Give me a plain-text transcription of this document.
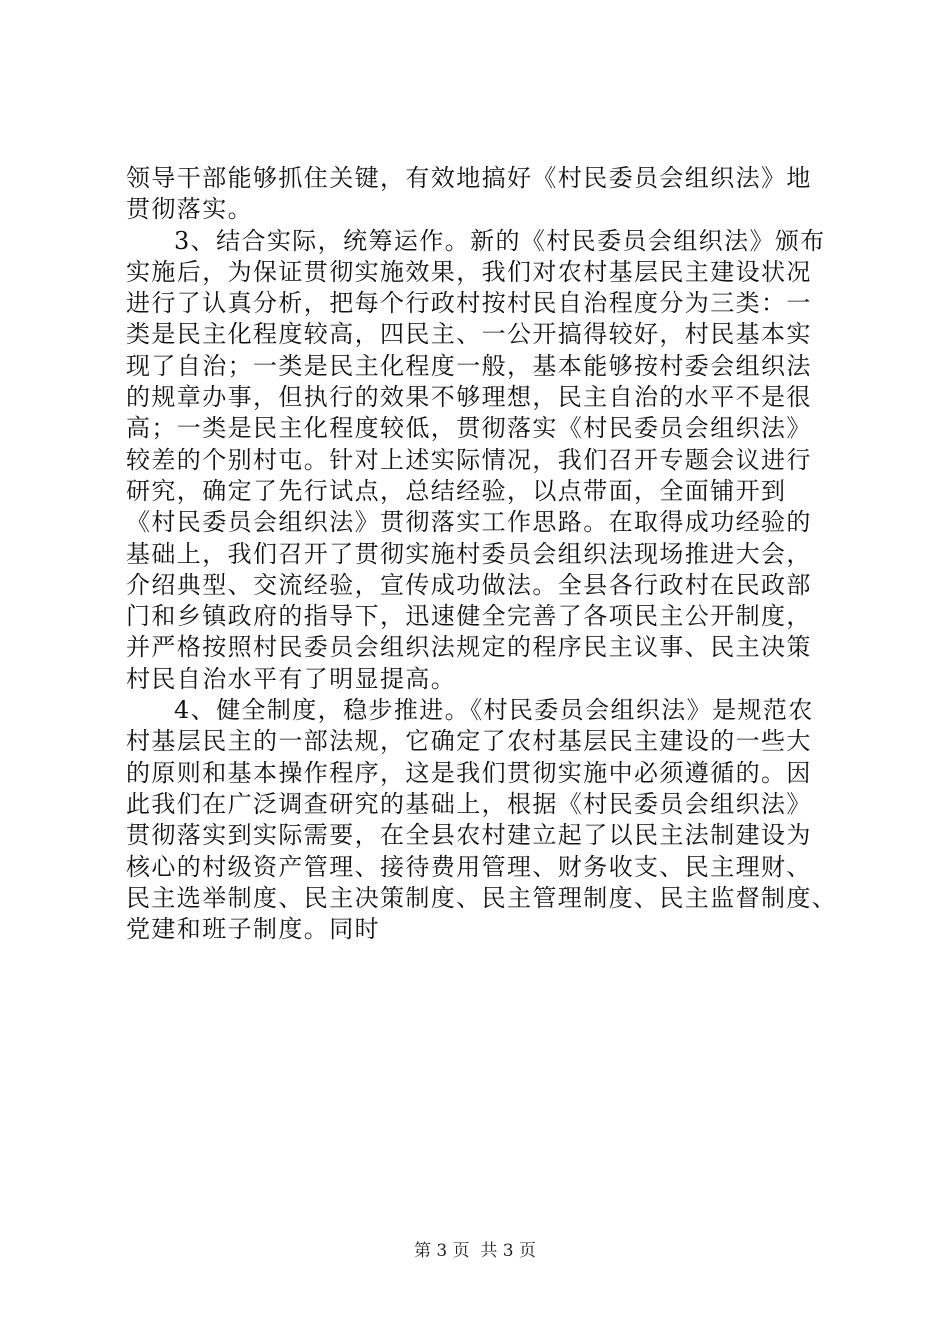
领导干部能够抓住关键，有效地搞好《村民委员会组织法》地
贯彻落实。
3、结合实际，统筹运作。新的《村民委员会组织法》颁布
实施后，为保证贯彻实施效果，我们对农村基层民主建设状况
进行了认真分析，把每个行政村按村民自治程度分为三类：一
类是民主化程度较高，四民主、一公开搞得较好，村民基本实
现了自治；一类是民主化程度一般，基本能够按村委会组织法
的规章办事，但执行的效果不够理想，民主自治的水平不是很
高；一类是民主化程度较低，贯彻落实《村民委员会组织法》
较差的个别村屯。针对上述实际情况，我们召开专题会议进行
研究，确定了先行试点，总结经验，以点带面，全面铺开到
《村民委员会组织法》贯彻落实工作思路。在取得成功经验的
基础上，我们召开了贯彻实施村委员会组织法现场推进大会，
介绍典型、交流经验，宣传成功做法。全县各行政村在民政部
门和乡镇政府的指导下，迅速健全完善了各项民主公开制度，
并严格按照村民委员会组织法规定的程序民主议事、民主决策
村民自治水平有了明显提高。
4、健全制度，稳步推进。《村民委员会组织法》是规范农
村基层民主的一部法规，它确定了农村基层民主建设的一些大
的原则和基本操作程序，这是我们贯彻实施中必须遵循的。因
此我们在广泛调查研究的基础上，根据《村民委员会组织法》
贯彻落实到实际需要，在全县农村建立起了以民主法制建设为
核心的村级资产管理、接待费用管理、财务收支、民主理财、
民主选举制度、民主决策制度、民主管理制度、民主监督制度、
党建和班子制度。同时
第 3 页  共 3 页
